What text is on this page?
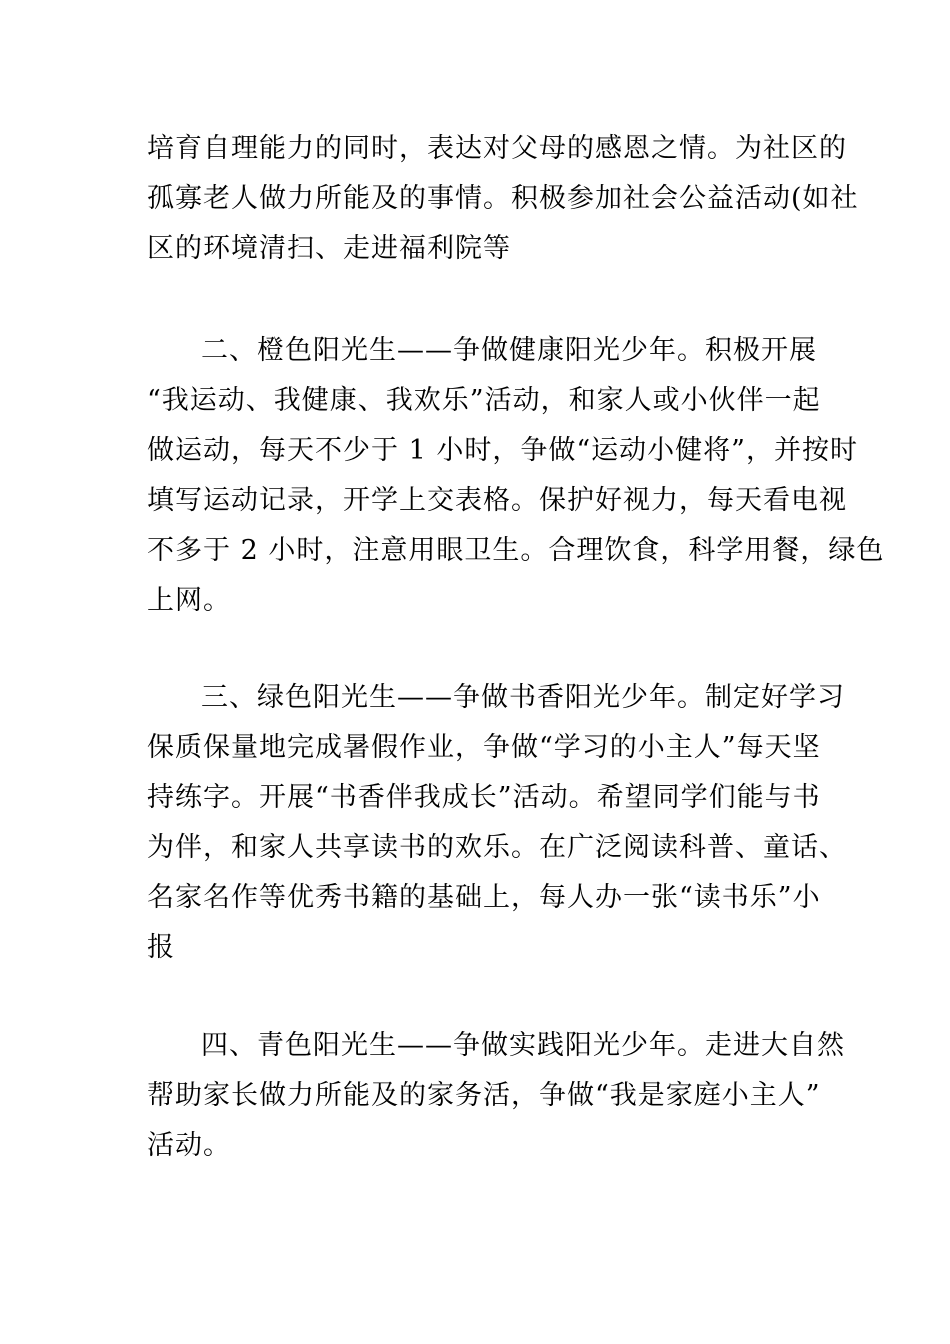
培育自理能力的同时，表达对父母的感恩之情。为社区的
孤寡老人做力所能及的事情。积极参加社会公益活动(如社
区的环境清扫、走进福利院等
二、橙色阳光生——争做健康阳光少年。积极开展
“我运动、我健康、我欢乐”活动，和家人或小伙伴一起
做运动，每天不少于 1 小时，争做“运动小健将”，并按时
填写运动记录，开学上交表格。保护好视力，每天看电视
不多于 2 小时，注意用眼卫生。合理饮食，科学用餐，绿色
上网。
三、绿色阳光生——争做书香阳光少年。制定好学习
保质保量地完成暑假作业，争做“学习的小主人”每天坚
持练字。开展“书香伴我成长”活动。希望同学们能与书
为伴，和家人共享读书的欢乐。在广泛阅读科普、童话、
名家名作等优秀书籍的基础上，每人办一张“读书乐”小
报
四、青色阳光生——争做实践阳光少年。走进大自然
帮助家长做力所能及的家务活，争做“我是家庭小主人”
活动。
